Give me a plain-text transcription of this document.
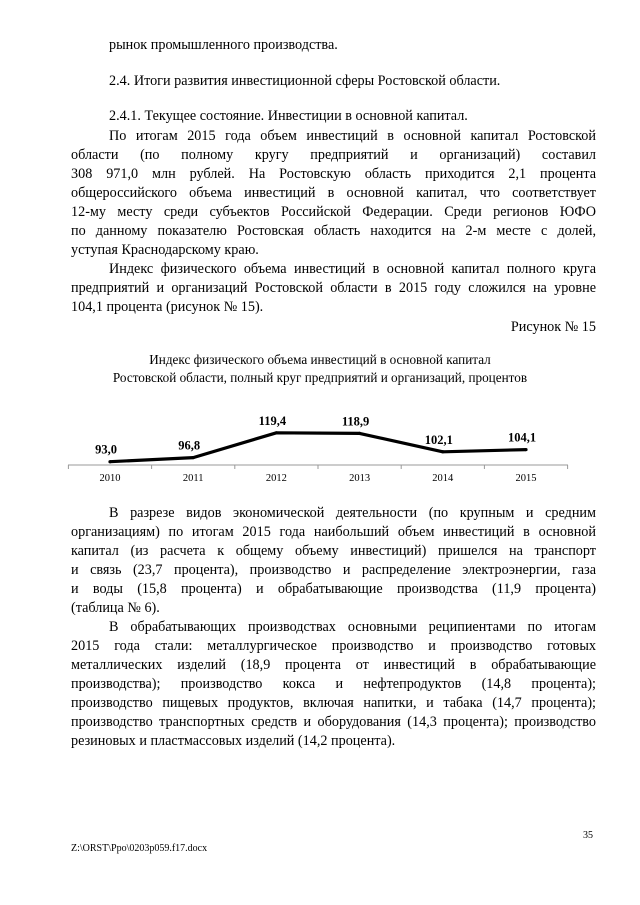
рынок промышленного производства.
2.4. Итоги развития инвестиционной сферы Ростовской области.
2.4.1. Текущее состояние. Инвестиции в основной капитал.
По итогам 2015 года объем инвестиций в основной капитал Ростовской
области (по полному кругу предприятий и организаций) составил
308 971,0 млн рублей. На Ростовскую область приходится 2,1 процента
общероссийского объема инвестиций в основной капитал, что соответствует
12-му месту среди субъектов Российской Федерации. Среди регионов ЮФО
по данному показателю Ростовская область находится на 2-м месте с долей,
уступая Краснодарскому краю.
Индекс физического объема инвестиций в основной капитал полного круга
предприятий и организаций Ростовской области в 2015 году сложился на уровне
104,1 процента (рисунок № 15).
Рисунок № 15
Индекс физического объема инвестиций в основной капитал
Ростовской области, полный круг предприятий и организаций, процентов
2010
93,0
2011
96,8
2012
119,4
2013
118,9
2014
102,1
2015
104,1
В разрезе видов экономической деятельности (по крупным и средним
организациям) по итогам 2015 года наибольший объем инвестиций в основной
капитал (из расчета к общему объему инвестиций) пришелся на транспорт
и связь (23,7 процента), производство и распределение электроэнергии, газа
и воды (15,8 процента) и обрабатывающие производства (11,9 процента)
(таблица № 6).
В обрабатывающих производствах основными реципиентами по итогам
2015 года стали: металлургическое производство и производство готовых
металлических изделий (18,9 процента от инвестиций в обрабатывающие
производства); производство кокса и нефтепродуктов (14,8 процента);
производство пищевых продуктов, включая напитки, и табака (14,7 процента);
производство транспортных средств и оборудования (14,3 процента); производство
резиновых и пластмассовых изделий (14,2 процента).
35
Z:\ORST\Ppo\0203p059.f17.docx
